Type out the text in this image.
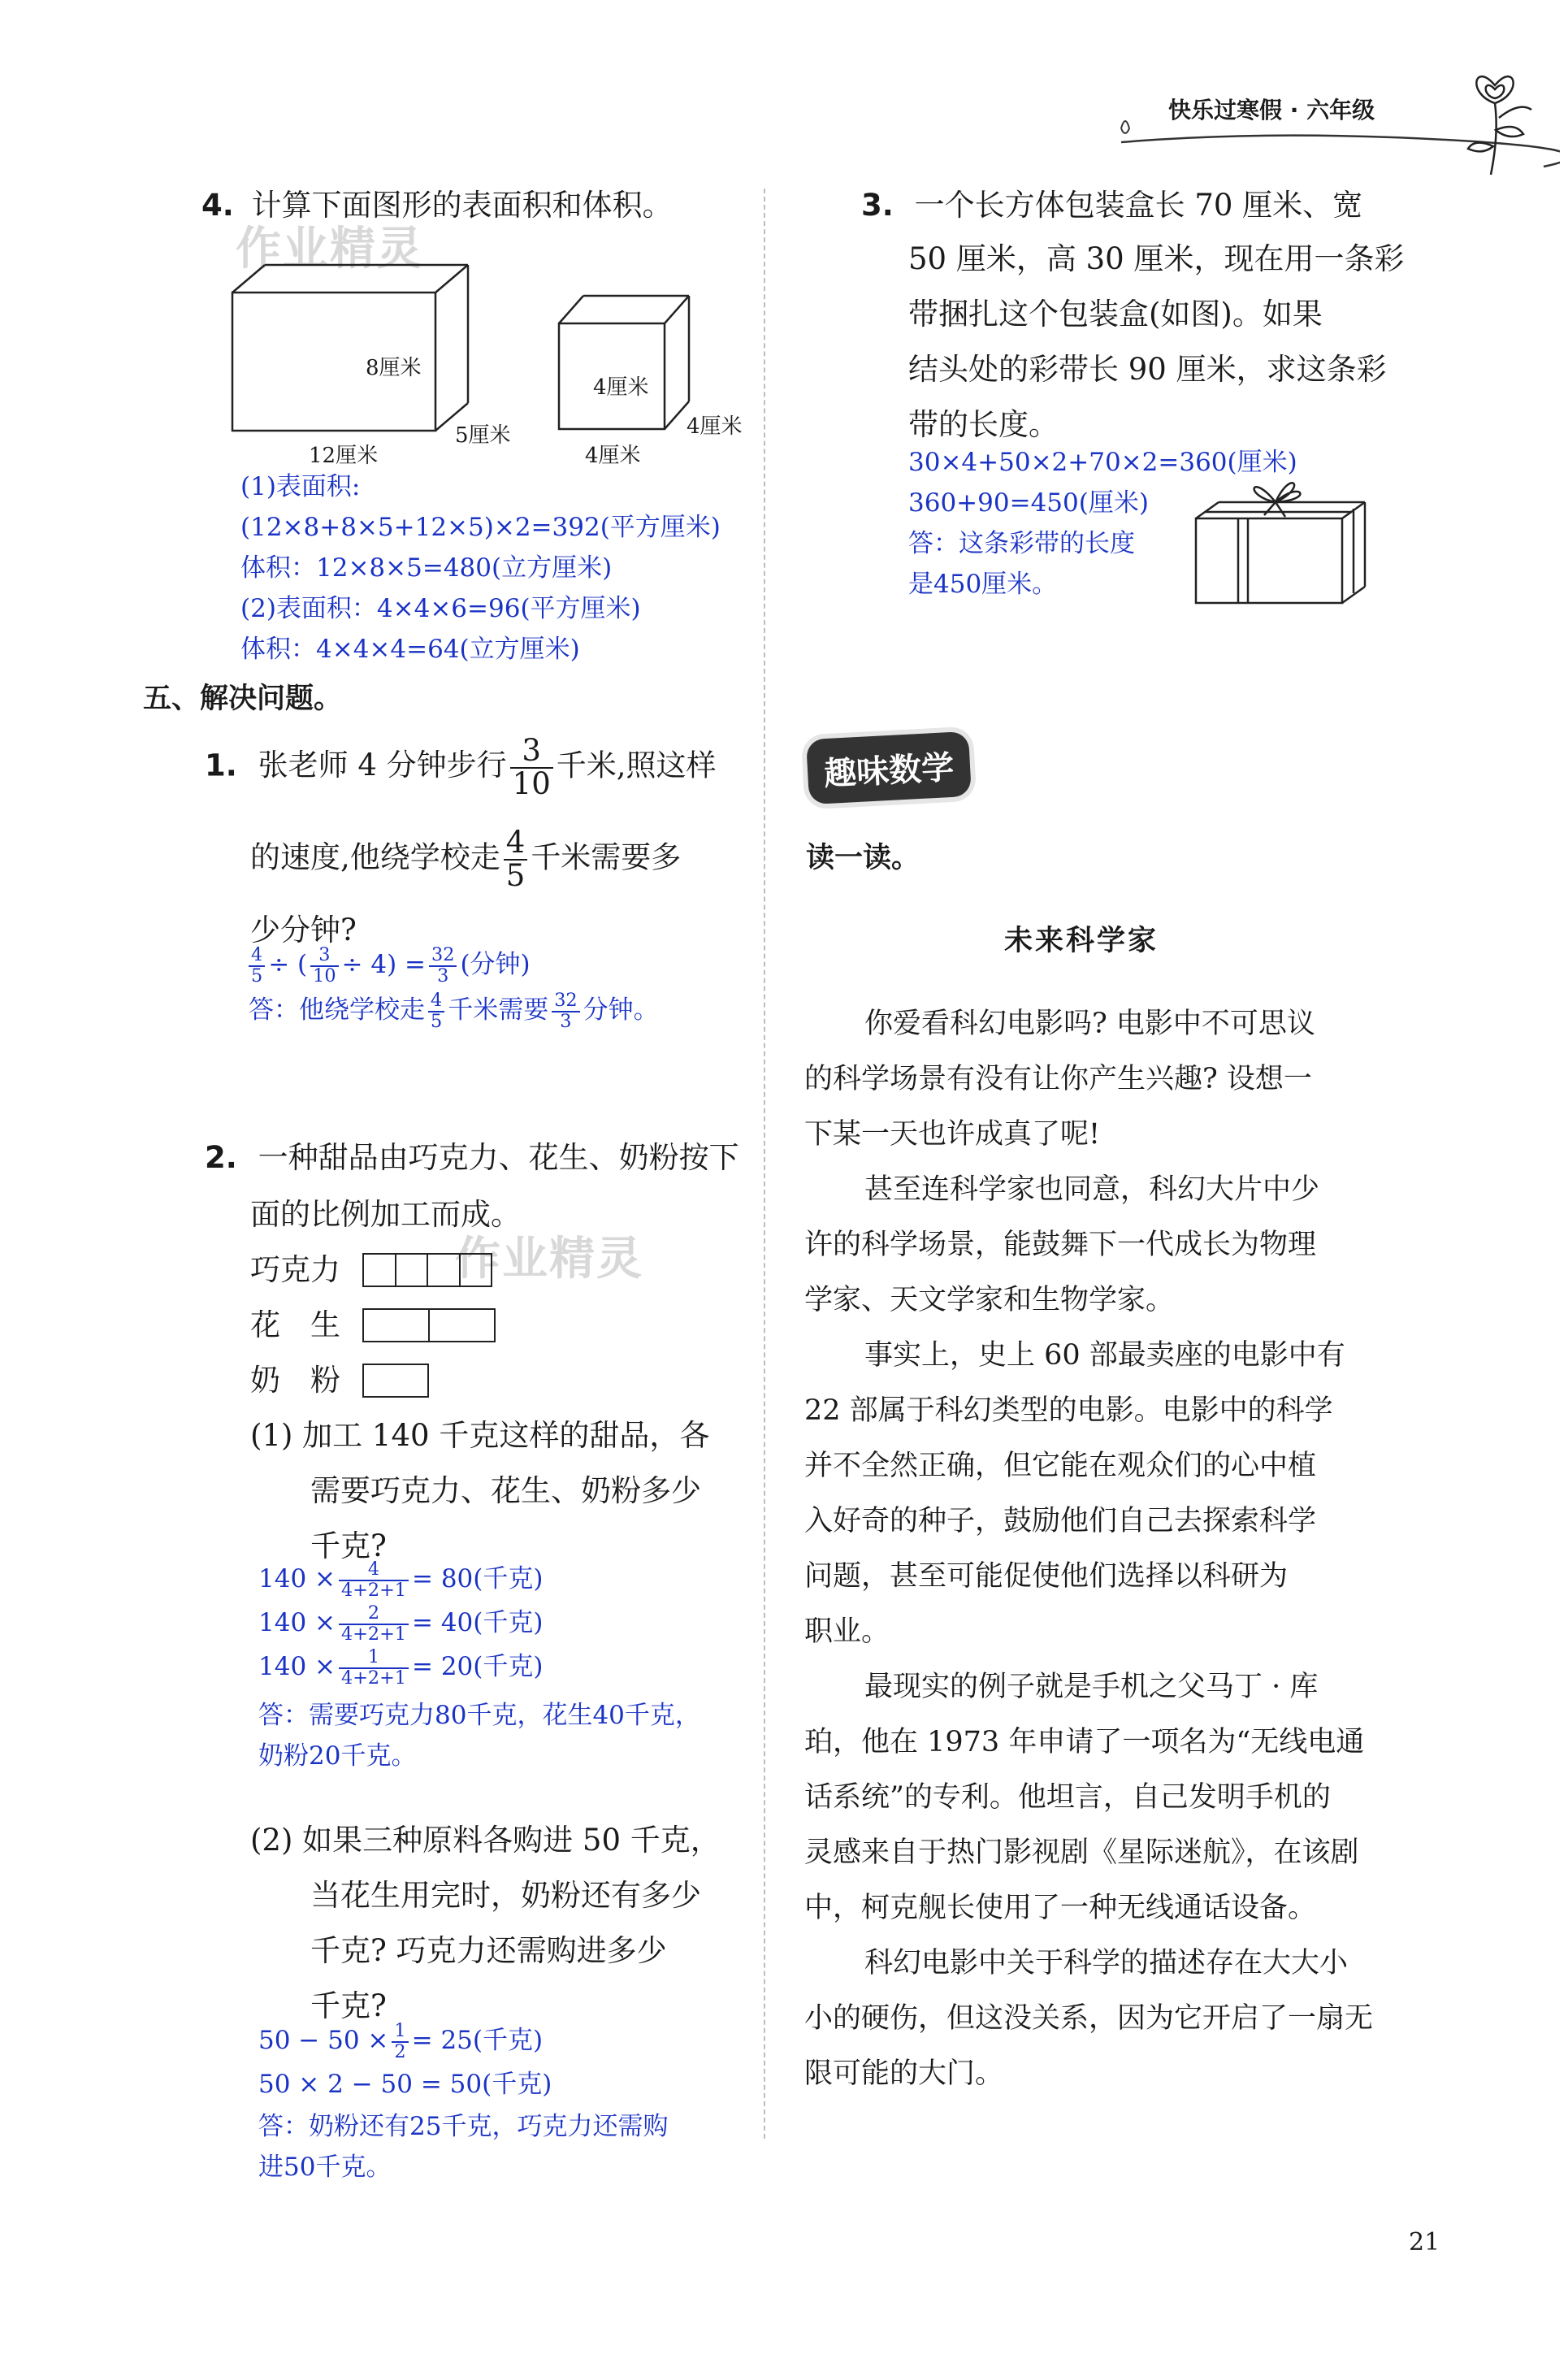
快乐过寒假 · 六年级
作业精灵
作业精灵
4. 计算下面图形的表面积和体积。
8厘米
12厘米
5厘米
4厘米
4厘米
4厘米
(1)表面积:
(12×8+8×5+12×5)×2=392(平方厘米)
体积：12×8×5=480(立方厘米)
(2)表面积：4×4×6=96(平方厘米)
体积：4×4×4=64(立方厘米)
五、解决问题。
1. 张老师 4 分钟步行 $\frac{3}{10}$ 千米,照这样
的速度,他绕学校走 $\frac{4}{5}$ 千米需要多
少分钟?
$\frac{4}{5}$ ÷ ( $\frac{3}{10} \div 4) = \frac{32}{3}$ (分钟)
答：他绕学校走 $\frac{4}{5}$ 千米需要 $\frac{32}{3}$ 分钟。
2. 一种甜品由巧克力、花生、奶粉按下
面的比例加工而成。
巧克力
花　生
奶　粉
(1) 加工 140 千克这样的甜品，各
需要巧克力、花生、奶粉多少
千克?
$140 \times \frac{4}{4+2+1} = 80$(千克)
$140 \times \frac{2}{4+2+1} = 40$(千克)
$140 \times \frac{1}{4+2+1} = 20$(千克)
答：需要巧克力80千克，花生40千克，
奶粉20千克。
(2) 如果三种原料各购进 50 千克，
当花生用完时，奶粉还有多少
千克? 巧克力还需购进多少
千克?
$50 - 50 \times \frac{1}{2} = 25$(千克)
50 × 2 − 50 = 50(千克)
答：奶粉还有25千克，巧克力还需购
进50千克。
3. 一个长方体包装盒长 70 厘米、宽
50 厘米，高 30 厘米，现在用一条彩
带捆扎这个包装盒(如图)。如果
结头处的彩带长 90 厘米，求这条彩
带的长度。
30×4+50×2+70×2=360(厘米)
360+90=450(厘米)
答：这条彩带的长度
是450厘米。
趣味数学
读一读。
未来科学家
你爱看科幻电影吗? 电影中不可思议
的科学场景有没有让你产生兴趣? 设想一
下某一天也许成真了呢!
甚至连科学家也同意，科幻大片中少
许的科学场景，能鼓舞下一代成长为物理
学家、天文学家和生物学家。
事实上，史上 60 部最卖座的电影中有
22 部属于科幻类型的电影。电影中的科学
并不全然正确，但它能在观众们的心中植
入好奇的种子，鼓励他们自己去探索科学
问题，甚至可能促使他们选择以科研为
职业。
最现实的例子就是手机之父马丁 · 库
珀，他在 1973 年申请了一项名为“无线电通
话系统”的专利。他坦言，自己发明手机的
灵感来自于热门影视剧《星际迷航》，在该剧
中，柯克舰长使用了一种无线通话设备。
科幻电影中关于科学的描述存在大大小
小的硬伤，但这没关系，因为它开启了一扇无
限可能的大门。
21
